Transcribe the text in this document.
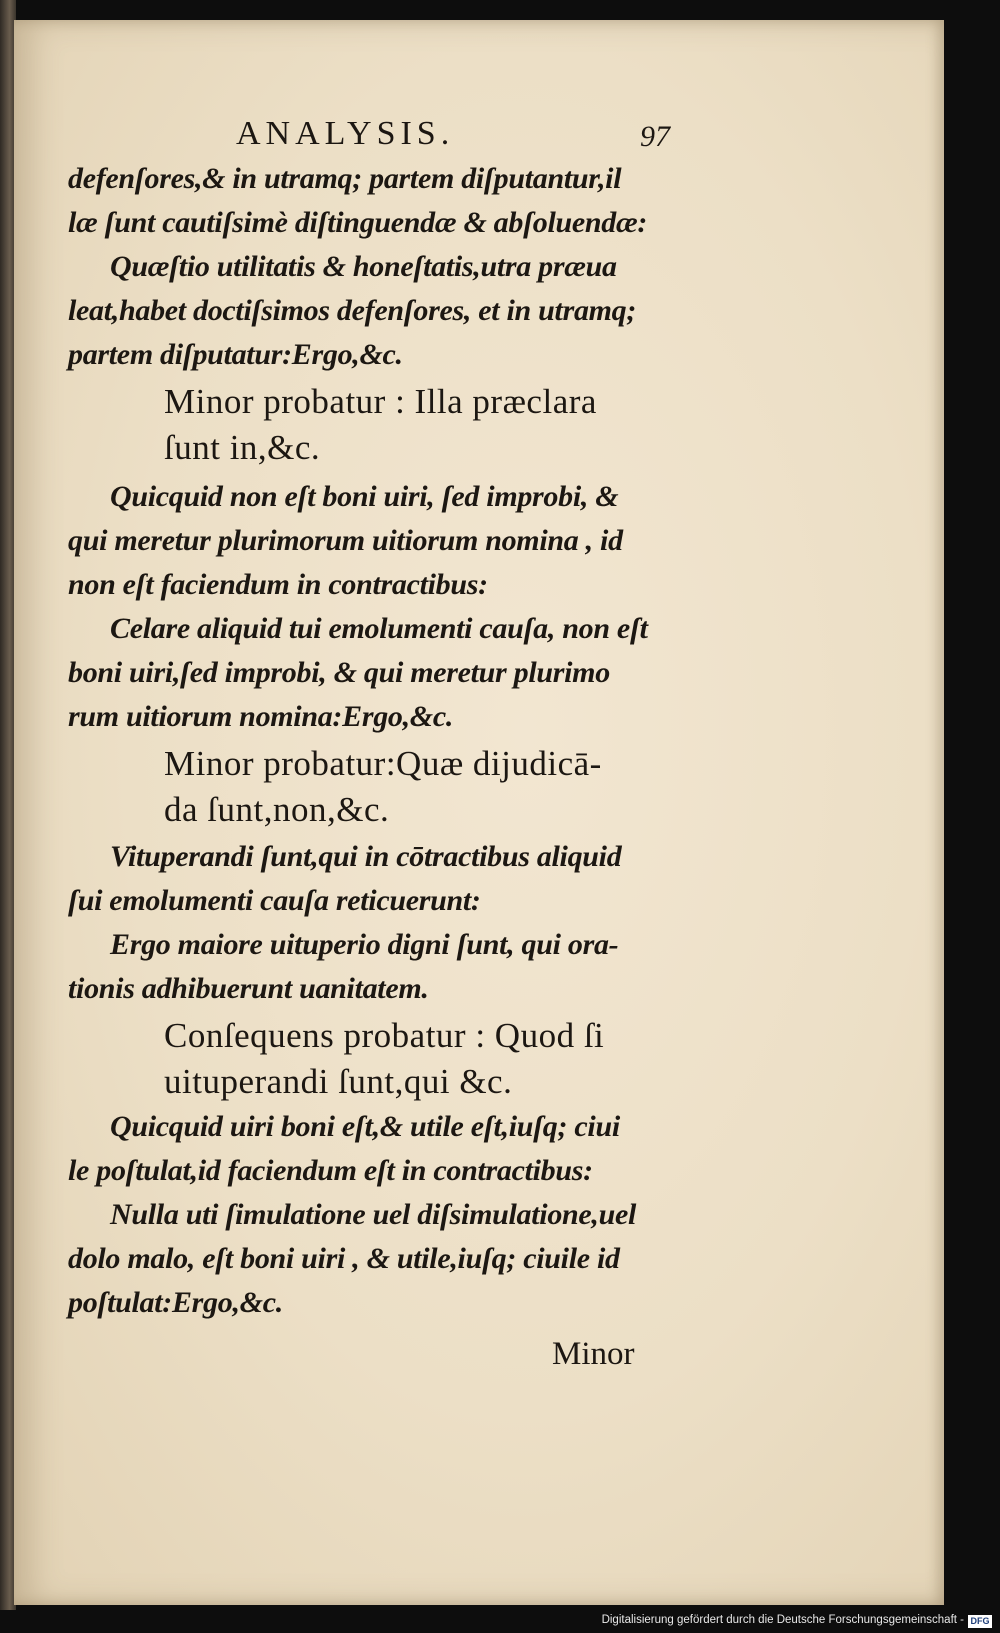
ANALYSIS.	97
defenſores,& in utramq; partem diſputantur,il
læ ſunt cautiſsimè diſtinguendæ & abſoluendæ:
Quæſtio utilitatis & honeſtatis,utra præua
leat,habet doctiſsimos defenſores, et in utramq;
partem diſputatur:Ergo,&c.
Minor probatur : Illa præclara
ſunt in,&c.
Quicquid non eſt boni uiri, ſed improbi, &
qui meretur plurimorum uitiorum nomina , id
non eſt faciendum in contractibus:
Celare aliquid tui emolumenti cauſa, non eſt
boni uiri,ſed improbi, & qui meretur plurimo
rum uitiorum nomina:Ergo,&c.
Minor probatur:Quæ dijudicā-
da ſunt,non,&c.
Vituperandi ſunt,qui in cōtractibus aliquid
ſui emolumenti cauſa reticuerunt:
Ergo maiore uituperio digni ſunt, qui ora-
tionis adhibuerunt uanitatem.
Conſequens probatur : Quod ſi
uituperandi ſunt,qui &c.
Quicquid uiri boni eſt,& utile eſt,iuſq; ciui
le poſtulat,id faciendum eſt in contractibus:
Nulla uti ſimulatione uel diſsimulatione,uel
dolo malo, eſt boni uiri , & utile,iuſq; ciuile id
poſtulat:Ergo,&c.
Minor
Digitalisierung gefördert durch die Deutsche Forschungsgemeinschaft - DFG
